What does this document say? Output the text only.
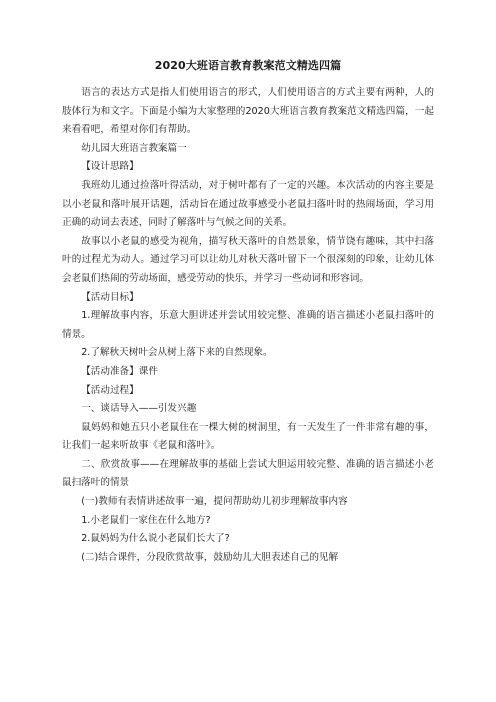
2020大班语言教育教案范文精选四篇

语言的表达方式是指人们使用语言的形式，人们使用语言的方式主要有两种，人的肢体行为和文字。下面是小编为大家整理的2020大班语言教育教案范文精选四篇，一起来看看吧，希望对你们有帮助。

幼儿园大班语言教案篇一

【设计思路】

我班幼儿通过捡落叶得活动，对于树叶都有了一定的兴趣。本次活动的内容主要是以小老鼠和落叶展开话题，活动旨在通过故事感受小老鼠扫落叶时的热闹场面，学习用正确的动词去表述，同时了解落叶与气候之间的关系。

故事以小老鼠的感受为视角，描写秋天落叶的自然景象，情节饶有趣味，其中扫落叶的过程尤为动人。通过学习可以让幼儿对秋天落叶留下一个很深刻的印象，让幼儿体会老鼠们热闹的劳动场面，感受劳动的快乐，并学习一些动词和形容词。

【活动目标】

1.理解故事内容，乐意大胆讲述并尝试用较完整、准确的语言描述小老鼠扫落叶的情景。

2.了解秋天树叶会从树上落下来的自然现象。

【活动准备】课件

【活动过程】

一、谈话导入——引发兴趣

鼠妈妈和她五只小老鼠住在一棵大树的树洞里，有一天发生了一件非常有趣的事，让我们一起来听故事《老鼠和落叶》。

二、欣赏故事——在理解故事的基础上尝试大胆运用较完整、准确的语言描述小老鼠扫落叶的情景

(一)教师有表情讲述故事一遍，提问帮助幼儿初步理解故事内容

1.小老鼠们一家住在什么地方?

2.鼠妈妈为什么说小老鼠们长大了?

(二)结合课件，分段欣赏故事，鼓励幼儿大胆表述自己的见解
